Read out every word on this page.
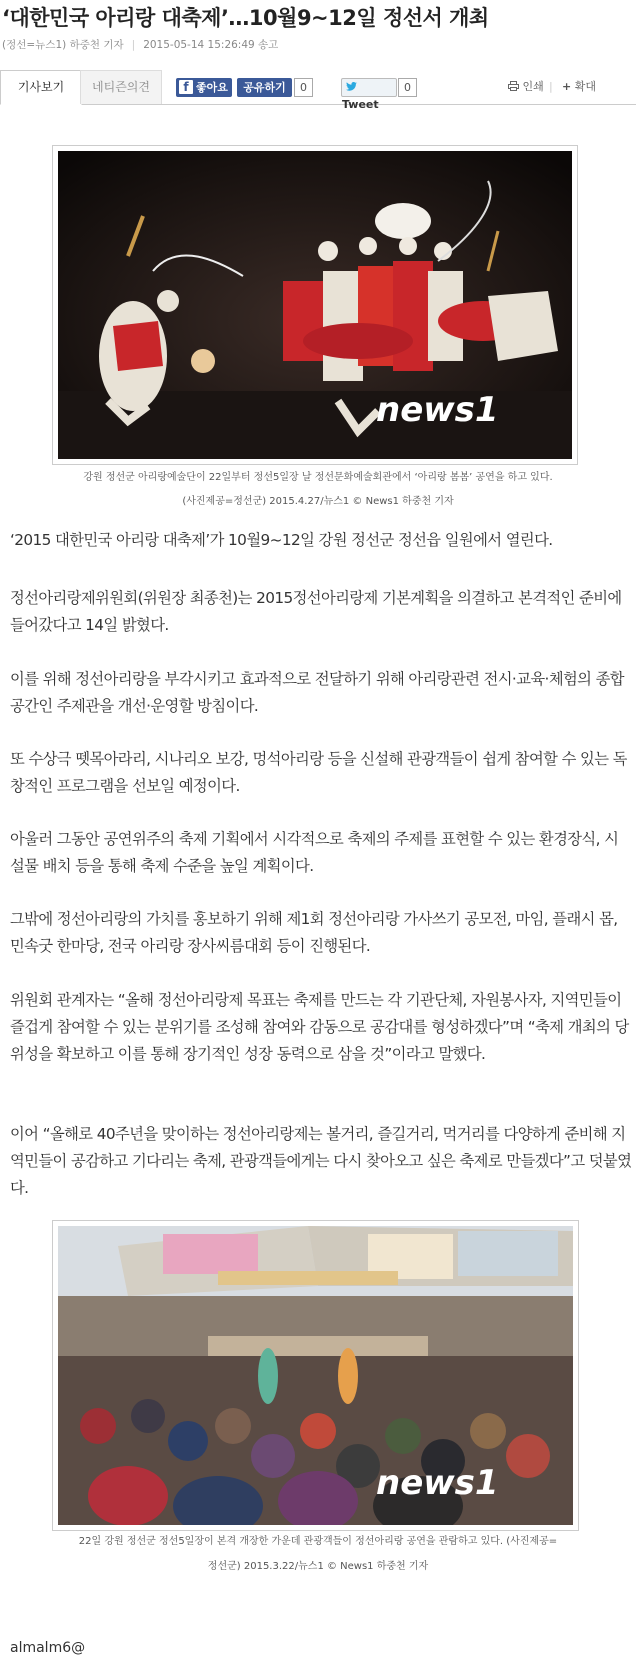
‘대한민국 아리랑 대축제’…10월9~12일 정선서 개최
(정선=뉴스1) 하중천 기자 | 2015-05-14 15:26:49 송고
기사보기	네티즌의견	f 좋아요	공유하기	0
Tweet
0	인쇄 | + 확대
news1
강원 정선군 아리랑예술단이 22일부터 정선5일장 날 정선문화예술회관에서 ‘아리랑 봄봄’ 공연을 하고 있다.
(사진제공=정선군) 2015.4.27/뉴스1 © News1 하중천 기자

‘2015 대한민국 아리랑 대축제’가 10월9~12일 강원 정선군 정선읍 일원에서 열린다.

정선아리랑제위원회(위원장 최종천)는 2015정선아리랑제 기본계획을 의결하고 본격적인 준비에 들어갔다고 14일 밝혔다.

이를 위해 정선아리랑을 부각시키고 효과적으로 전달하기 위해 아리랑관련 전시·교육·체험의 종합공간인 주제관을 개선·운영할 방침이다.

또 수상극 뗏목아라리, 시나리오 보강, 멍석아리랑 등을 신설해 관광객들이 쉽게 참여할 수 있는 독창적인 프로그램을 선보일 예정이다.

아울러 그동안 공연위주의 축제 기획에서 시각적으로 축제의 주제를 표현할 수 있는 환경장식, 시설물 배치 등을 통해 축제 수준을 높일 계획이다.

그밖에 정선아리랑의 가치를 홍보하기 위해 제1회 정선아리랑 가사쓰기 공모전, 마임, 플래시 몹, 민속굿 한마당, 전국 아리랑 장사씨름대회 등이 진행된다.

위원회 관계자는 “올해 정선아리랑제 목표는 축제를 만드는 각 기관단체, 자원봉사자, 지역민들이 즐겁게 참여할 수 있는 분위기를 조성해 참여와 감동으로 공감대를 형성하겠다”며 “축제 개최의 당위성을 확보하고 이를 통해 장기적인 성장 동력으로 삼을 것”이라고 말했다.

이어 “올해로 40주년을 맞이하는 정선아리랑제는 볼거리, 즐길거리, 먹거리를 다양하게 준비해 지역민들이 공감하고 기다리는 축제, 관광객들에게는 다시 찾아오고 싶은 축제로 만들겠다”고 덧붙였다.

news1
22일 강원 정선군 정선5일장이 본격 개장한 가운데 관광객들이 정선아리랑 공연을 관람하고 있다. (사진제공=
정선군) 2015.3.22/뉴스1 © News1 하중천 기자
almalm6@
